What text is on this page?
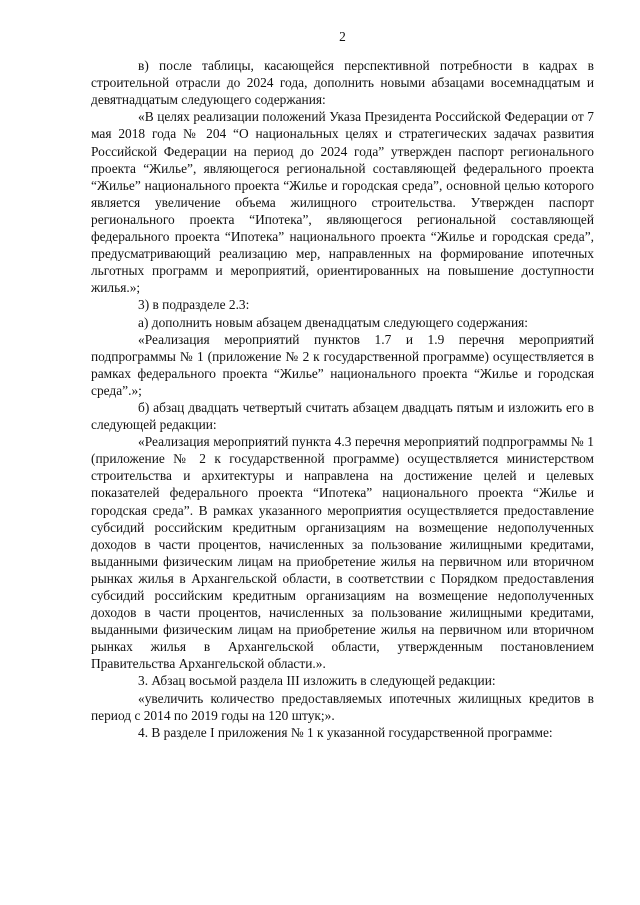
2

в) после таблицы, касающейся перспективной потребности в кадрах в строительной отрасли до 2024 года, дополнить новыми абзацами восемнадцатым и девятнадцатым следующего содержания:

«В целях реализации положений Указа Президента Российской Федерации от 7 мая 2018 года № 204 “О национальных целях и стратегических задачах развития Российской Федерации на период до 2024 года” утвержден паспорт регионального проекта “Жилье”, являющегося региональной составляющей федерального проекта “Жилье” национального проекта “Жилье и городская среда”, основной целью которого является увеличение объема жилищного строительства. Утвержден паспорт регионального проекта “Ипотека”, являющегося региональной составляющей федерального проекта “Ипотека” национального проекта “Жилье и городская среда”, предусматривающий реализацию мер, направленных на формирование ипотечных льготных программ и мероприятий, ориентированных на повышение доступности жилья.»;

3) в подразделе 2.3:

а) дополнить новым абзацем двенадцатым следующего содержания:

«Реализация мероприятий пунктов 1.7 и 1.9 перечня мероприятий подпрограммы № 1 (приложение № 2 к государственной программе) осуществляется в рамках федерального проекта “Жилье” национального проекта “Жилье и городская среда”.»;

б) абзац двадцать четвертый считать абзацем двадцать пятым и изложить его в следующей редакции:

«Реализация мероприятий пункта 4.3 перечня мероприятий подпрограммы № 1 (приложение № 2 к государственной программе) осуществляется министерством строительства и архитектуры и направлена на достижение целей и целевых показателей федерального проекта “Ипотека” национального проекта “Жилье и городская среда”. В рамках указанного мероприятия осуществляется предоставление субсидий российским кредитным организациям на возмещение недополученных доходов в части процентов, начисленных за пользование жилищными кредитами, выданными физическим лицам на приобретение жилья на первичном или вторичном рынках жилья в Архангельской области, в соответствии с Порядком предоставления субсидий российским кредитным организациям на возмещение недополученных доходов в части процентов, начисленных за пользование жилищными кредитами, выданными физическим лицам на приобретение жилья на первичном или вторичном рынках жилья в Архангельской области, утвержденным постановлением Правительства Архангельской области.».

3. Абзац восьмой раздела III изложить в следующей редакции:

«увеличить количество предоставляемых ипотечных жилищных кредитов в период с 2014 по 2019 годы на 120 штук;».

4. В разделе I приложения № 1 к указанной государственной программе:
